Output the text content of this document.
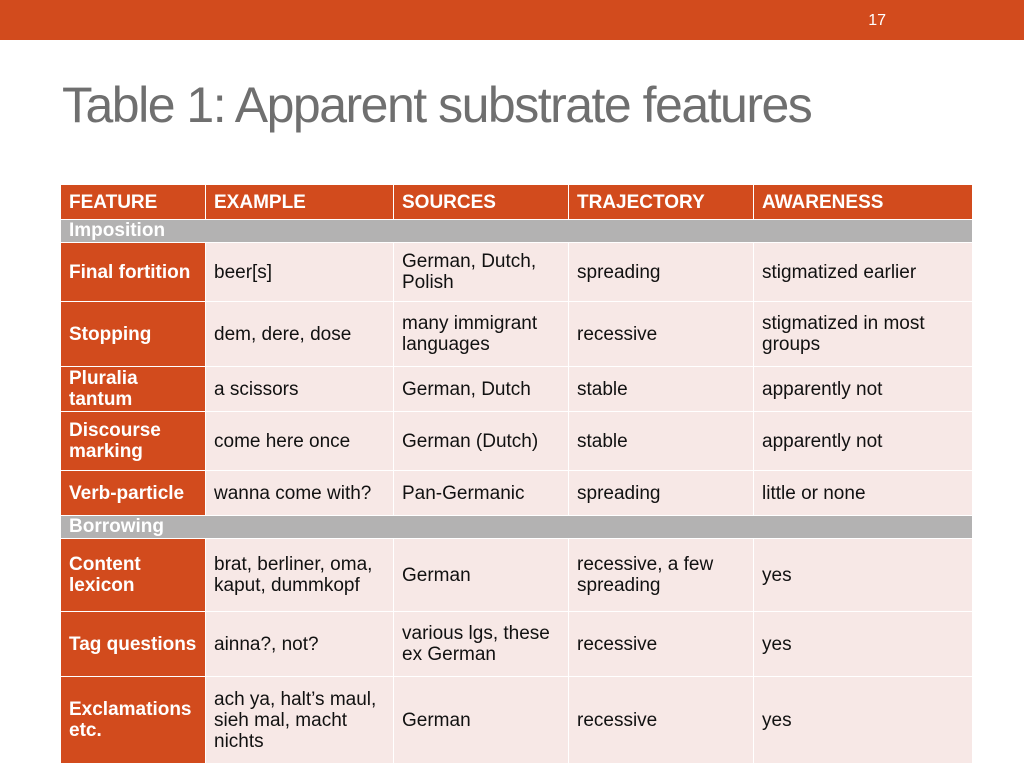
17
Table 1: Apparent substrate features
FEATURE	EXAMPLE	SOURCES	TRAJECTORY	AWARENESS
Imposition				
Final fortition	beer[s]	German, Dutch, Polish	spreading	stigmatized earlier
Stopping	dem, dere, dose	many immigrant languages	recessive	stigmatized in most groups
Pluralia tantum	a scissors	German, Dutch	stable	apparently not
Discourse marking	come here once	German (Dutch)	stable	apparently not
Verb-particle	wanna come with?	Pan-Germanic	spreading	little or none
Borrowing				
Content lexicon	brat, berliner, oma, kaput, dummkopf	German	recessive, a few spreading	yes
Tag questions	ainna?, not?	various lgs, these ex German	recessive	yes
Exclamations etc.	ach ya, halt’s maul, sieh mal, macht nichts	German	recessive	yes
